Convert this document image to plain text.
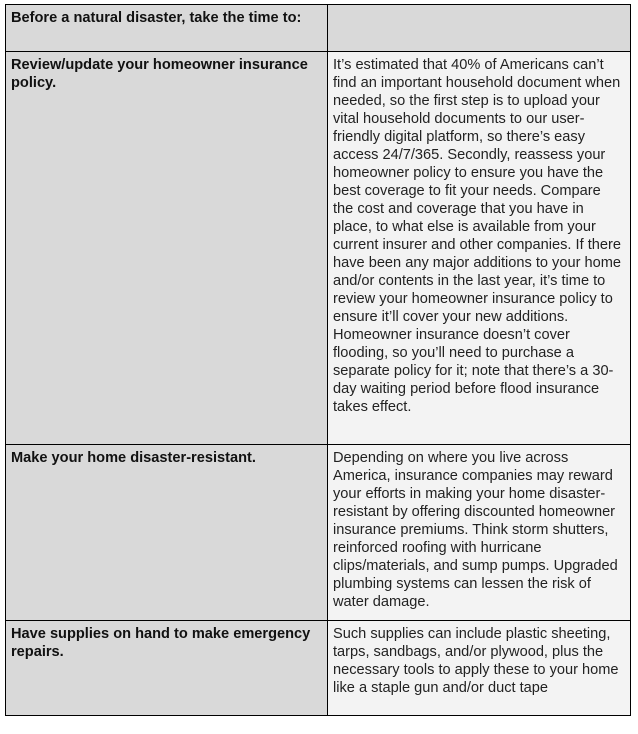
Before a natural disaster, take the time to:	
Review/update your homeowner insurance policy.	It’s estimated that 40% of Americans can’t find an important household document when needed, so the first step is to upload your vital household documents to our user-friendly digital platform, so there’s easy access 24/7/365. Secondly, reassess your homeowner policy to ensure you have the best coverage to fit your needs. Compare the cost and coverage that you have in place, to what else is available from your current insurer and other companies. If there have been any major additions to your home and/or contents in the last year, it’s time to review your homeowner insurance policy to ensure it’ll cover your new additions. Homeowner insurance doesn’t cover flooding, so you’ll need to purchase a separate policy for it; note that there’s a 30-day waiting period before flood insurance takes effect.
Make your home disaster-resistant.	Depending on where you live across America, insurance companies may reward your efforts in making your home disaster-resistant by offering discounted homeowner insurance premiums. Think storm shutters, reinforced roofing with hurricane clips/materials, and sump pumps. Upgraded plumbing systems can lessen the risk of water damage.
Have supplies on hand to make emergency repairs.	Such supplies can include plastic sheeting, tarps, sandbags, and/or plywood, plus the necessary tools to apply these to your home like a staple gun and/or duct tape
